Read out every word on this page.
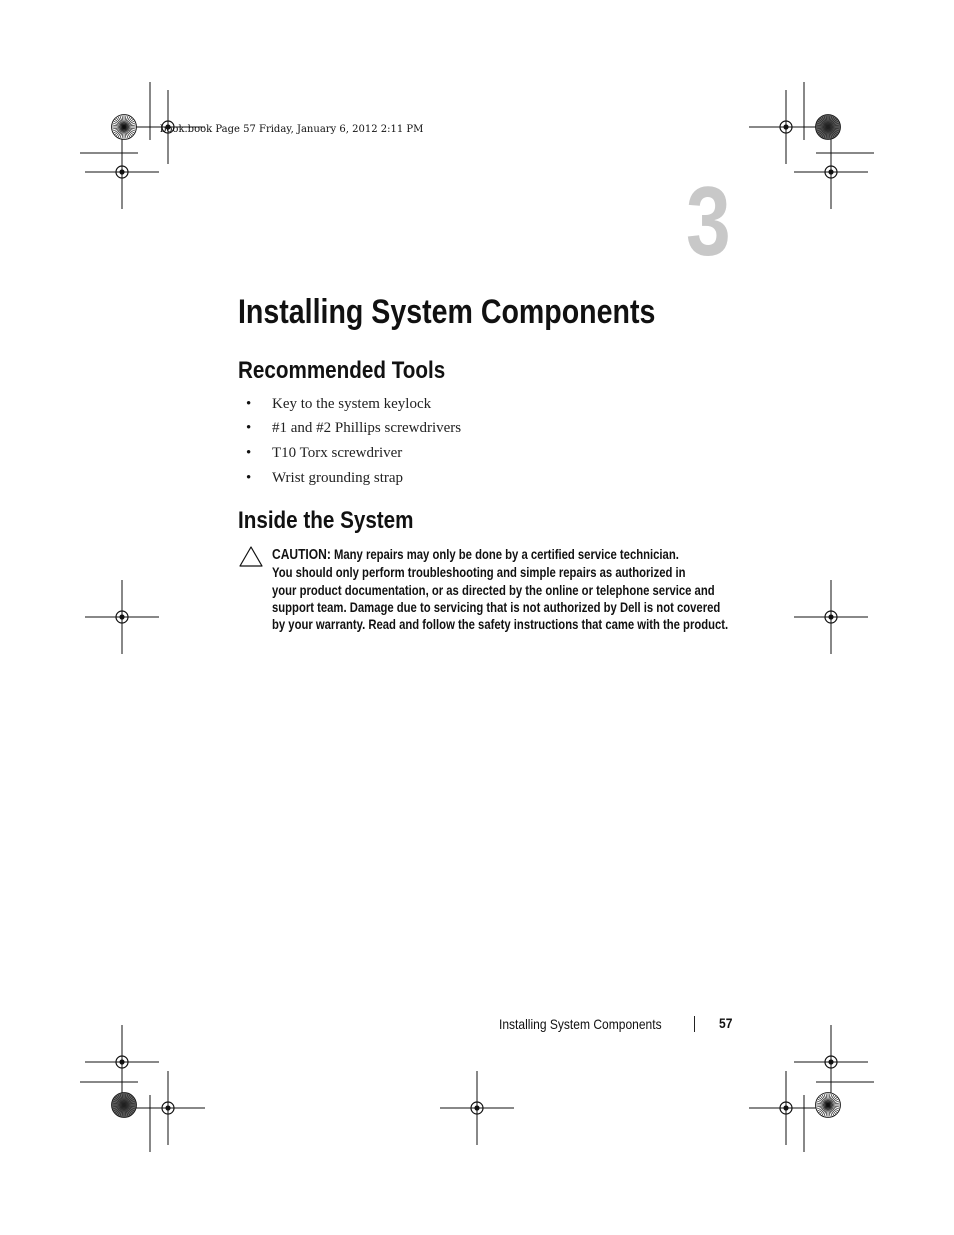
book.book Page 57 Friday, January 6, 2012 2:11 PM
3
Installing System Components
Recommended Tools
• Key to the system keylock
• #1 and #2 Phillips screwdrivers
• T10 Torx screwdriver
• Wrist grounding strap
Inside the System
CAUTION: Many repairs may only be done by a certified service technician.
You should only perform troubleshooting and simple repairs as authorized in
your product documentation, or as directed by the online or telephone service and
support team. Damage due to servicing that is not authorized by Dell is not covered
by your warranty. Read and follow the safety instructions that came with the product.
Installing System Components	57
